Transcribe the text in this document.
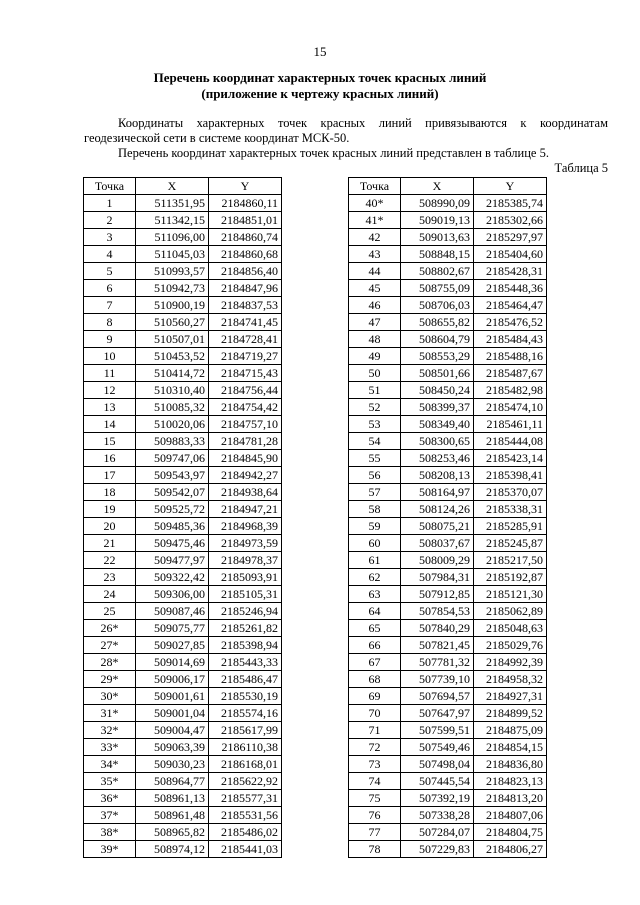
15
Перечень координат характерных точек красных линий
(приложение к чертежу красных линий)
Координаты характерных точек красных линий привязываются к координатам геодезической сети в системе координат МСК-50.
Перечень координат характерных точек красных линий представлен в таблице 5.
Таблица 5
Точка	X	Y
1	511351,95	2184860,11
2	511342,15	2184851,01
3	511096,00	2184860,74
4	511045,03	2184860,68
5	510993,57	2184856,40
6	510942,73	2184847,96
7	510900,19	2184837,53
8	510560,27	2184741,45
9	510507,01	2184728,41
10	510453,52	2184719,27
11	510414,72	2184715,43
12	510310,40	2184756,44
13	510085,32	2184754,42
14	510020,06	2184757,10
15	509883,33	2184781,28
16	509747,06	2184845,90
17	509543,97	2184942,27
18	509542,07	2184938,64
19	509525,72	2184947,21
20	509485,36	2184968,39
21	509475,46	2184973,59
22	509477,97	2184978,37
23	509322,42	2185093,91
24	509306,00	2185105,31
25	509087,46	2185246,94
26*	509075,77	2185261,82
27*	509027,85	2185398,94
28*	509014,69	2185443,33
29*	509006,17	2185486,47
30*	509001,61	2185530,19
31*	509001,04	2185574,16
32*	509004,47	2185617,99
33*	509063,39	2186110,38
34*	509030,23	2186168,01
35*	508964,77	2185622,92
36*	508961,13	2185577,31
37*	508961,48	2185531,56
38*	508965,82	2185486,02
39*	508974,12	2185441,03
Точка	X	Y
40*	508990,09	2185385,74
41*	509019,13	2185302,66
42	509013,63	2185297,97
43	508848,15	2185404,60
44	508802,67	2185428,31
45	508755,09	2185448,36
46	508706,03	2185464,47
47	508655,82	2185476,52
48	508604,79	2185484,43
49	508553,29	2185488,16
50	508501,66	2185487,67
51	508450,24	2185482,98
52	508399,37	2185474,10
53	508349,40	2185461,11
54	508300,65	2185444,08
55	508253,46	2185423,14
56	508208,13	2185398,41
57	508164,97	2185370,07
58	508124,26	2185338,31
59	508075,21	2185285,91
60	508037,67	2185245,87
61	508009,29	2185217,50
62	507984,31	2185192,87
63	507912,85	2185121,30
64	507854,53	2185062,89
65	507840,29	2185048,63
66	507821,45	2185029,76
67	507781,32	2184992,39
68	507739,10	2184958,32
69	507694,57	2184927,31
70	507647,97	2184899,52
71	507599,51	2184875,09
72	507549,46	2184854,15
73	507498,04	2184836,80
74	507445,54	2184823,13
75	507392,19	2184813,20
76	507338,28	2184807,06
77	507284,07	2184804,75
78	507229,83	2184806,27
